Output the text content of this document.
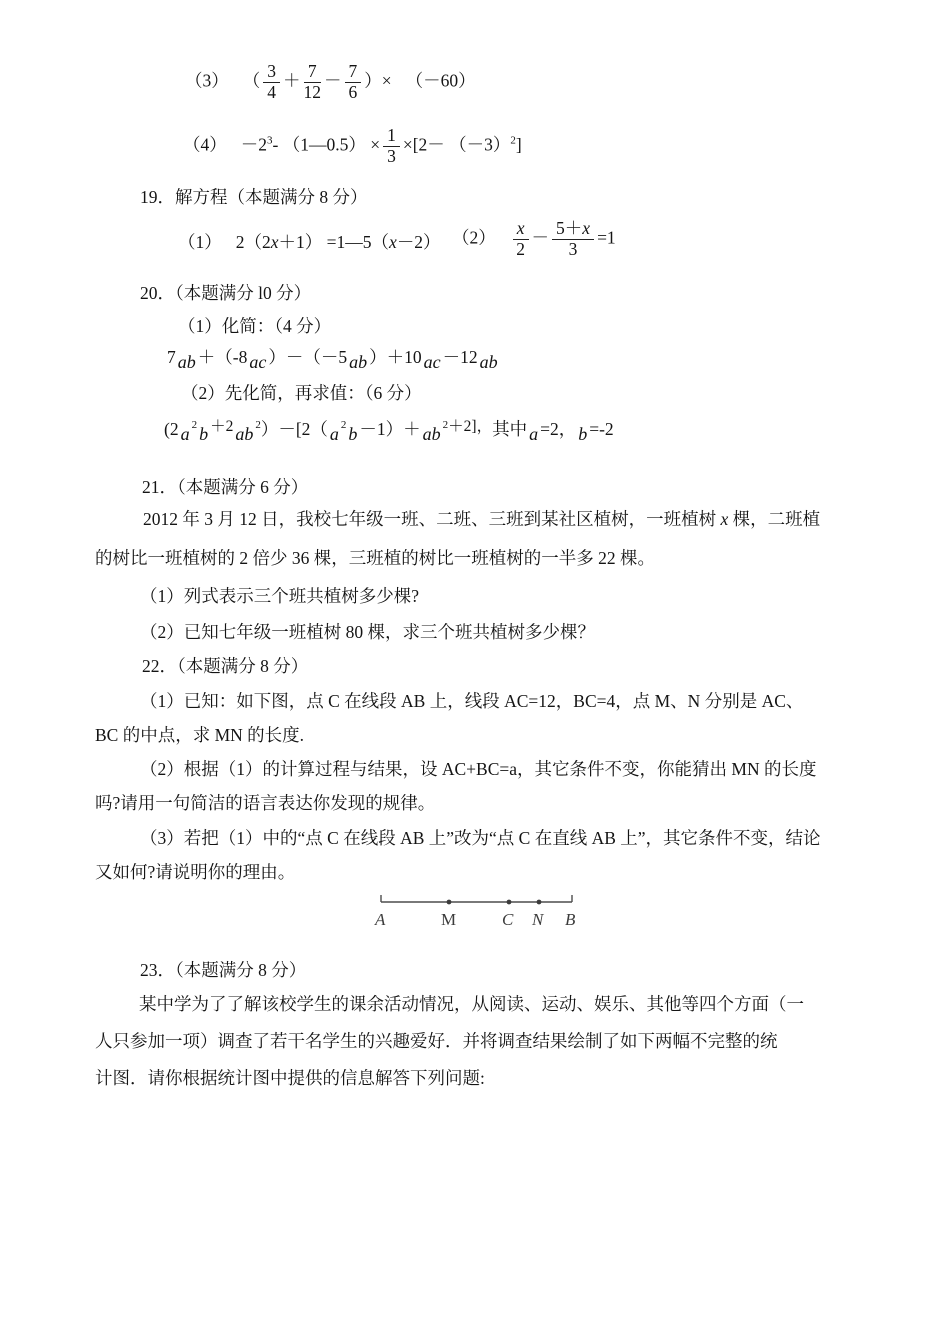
（3） （ $\frac{3}{4} + \frac{7}{12} - \frac{7}{6}$ ）× （－60）
$(4) -2^3-$ （1—0.5） × $\frac{1}{3} \times[2- (-3)^2]$
19．解方程（本题满分 8 分）
（1） 2（2x＋1） =1—5（x－2） $(2) \frac{x}{2} - \frac{5+x}{3} =1$
20．（本题满分 l0 分）
（1）化简：（4 分）
7 ab ＋（-8 ac ）－（－5 ab ）＋10 ac －12 ab
（2）先化简，再求值：（6 分）
(2 a $^2$ b ＋2 ab $^2$）－[2（ a $^2$ b －1）＋ ab $^2$＋2]，其中 a =2， b =-2
21．（本题满分 6 分）
2012 年 3 月 12 日，我校七年级一班、二班、三班到某社区植树，一班植树 x 棵，二班植
的树比一班植树的 2 倍少 36 棵，三班植的树比一班植树的一半多 22 棵。
（1）列式表示三个班共植树多少棵?
（2）已知七年级一班植树 80 棵，求三个班共植树多少棵？
22．（本题满分 8 分）
（1）已知：如下图，点 C 在线段 AB 上，线段 AC=12，BC=4，点 M、N 分别是 AC、
BC 的中点，求 MN 的长度.
（2）根据（1）的计算过程与结果，设 AC+BC=a，其它条件不变，你能猜出 MN 的长度
吗?请用一句简洁的语言表达你发现的规律。
（3）若把（1）中的“点 C 在线段 AB 上”改为“点 C 在直线 AB 上”，其它条件不变，结论
又如何?请说明你的理由。
A	M	C N B
23．（本题满分 8 分）
某中学为了了解该校学生的课余活动情况，从阅读、运动、娱乐、其他等四个方面（一
人只参加一项）调查了若干名学生的兴趣爱好．并将调查结果绘制了如下两幅不完整的统
计图．请你根据统计图中提供的信息解答下列问题:
